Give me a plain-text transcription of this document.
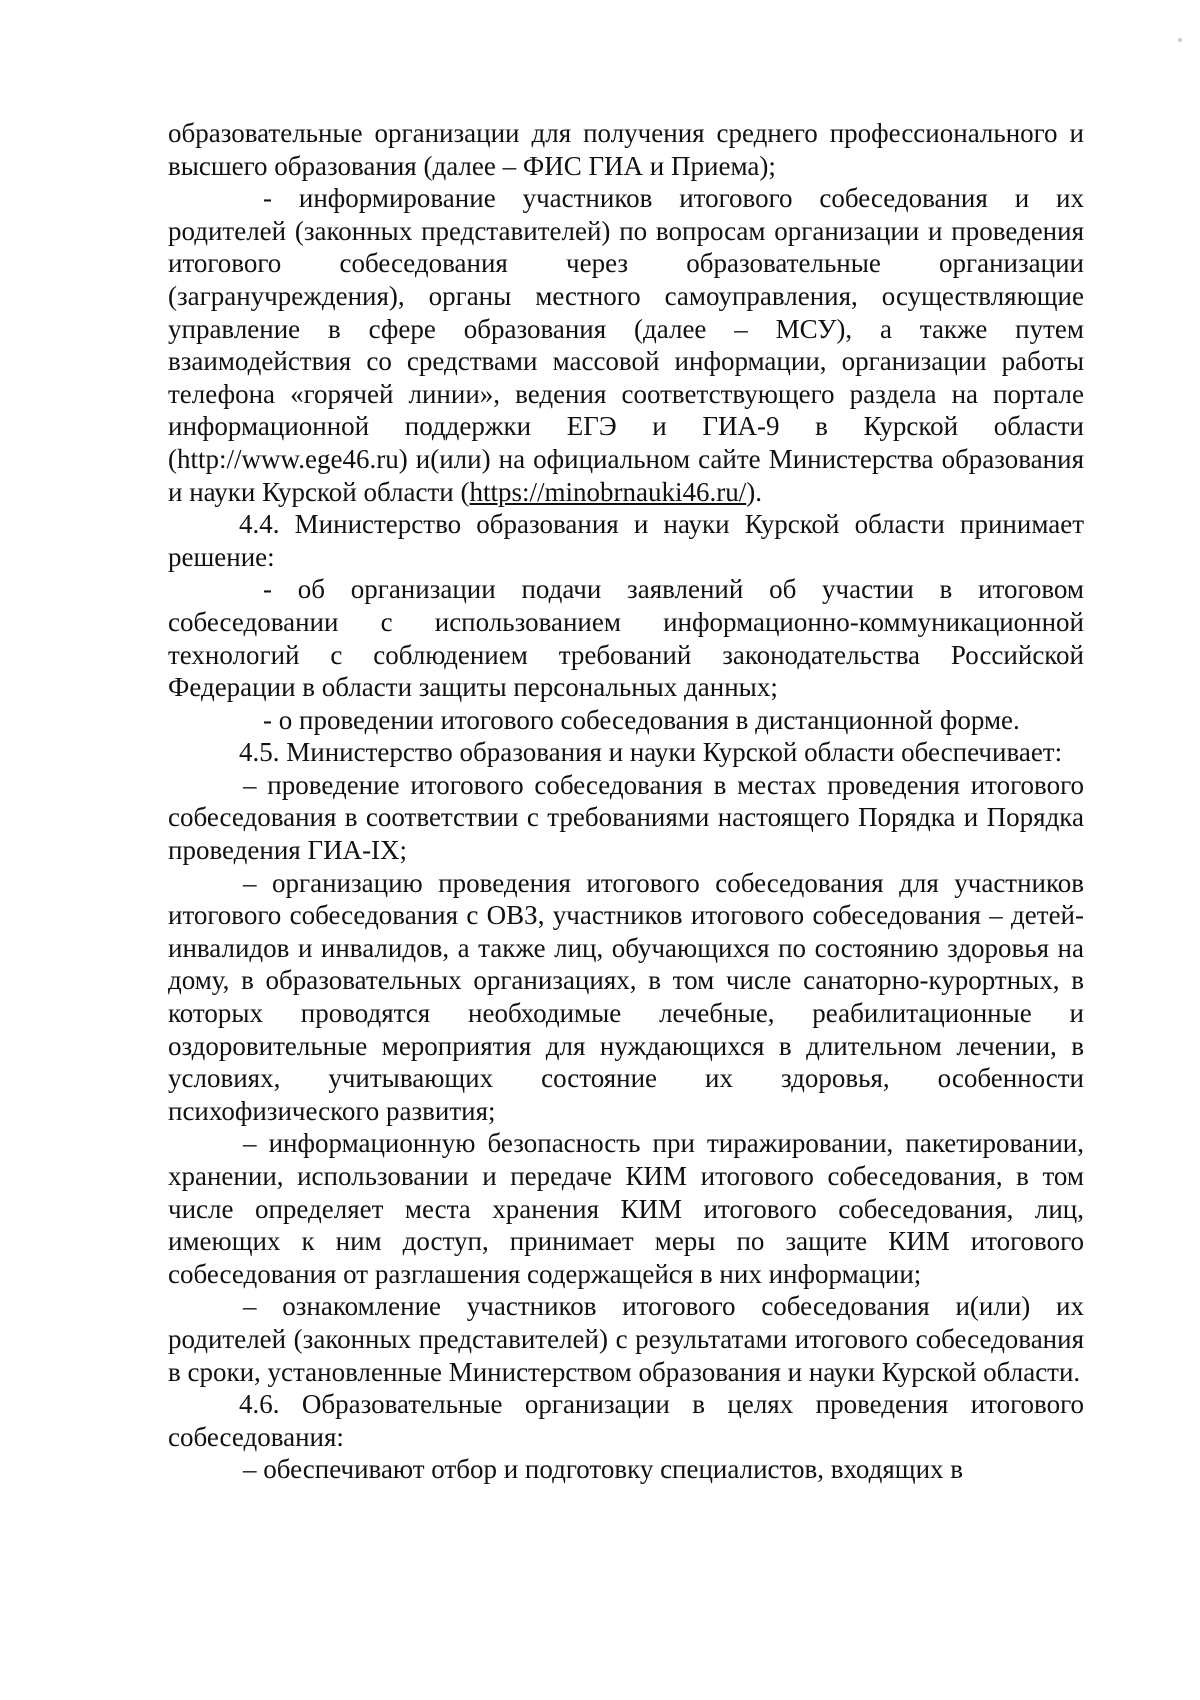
образовательные организации для получения среднего профессионального и высшего образования (далее – ФИС ГИА и Приема);

- информирование участников итогового собеседования и их родителей (законных представителей) по вопросам организации и проведения итогового собеседования через образовательные организации (загранучреждения), органы местного самоуправления, осуществляющие управление в сфере образования (далее – МСУ), а также путем взаимодействия со средствами массовой информации, организации работы телефона «горячей линии», ведения соответствующего раздела на портале информационной поддержки ЕГЭ и ГИА-9 в Курской области (http://www.ege46.ru) и(или) на официальном сайте Министерства образования и науки Курской области (https://minobrnauki46.ru/).

4.4. Министерство образования и науки Курской области принимает решение:

- об организации подачи заявлений об участии в итоговом собеседовании с использованием информационно-коммуникационной технологий с соблюдением требований законодательства Российской Федерации в области защиты персональных данных;

- о проведении итогового собеседования в дистанционной форме.

4.5. Министерство образования и науки Курской области обеспечивает:

– проведение итогового собеседования в местах проведения итогового собеседования в соответствии с требованиями настоящего Порядка и Порядка проведения ГИА-IX;

– организацию проведения итогового собеседования для участников итогового собеседования с ОВЗ, участников итогового собеседования – детей-инвалидов и инвалидов, а также лиц, обучающихся по состоянию здоровья на дому, в образовательных организациях, в том числе санаторно-курортных, в которых проводятся необходимые лечебные, реабилитационные и оздоровительные мероприятия для нуждающихся в длительном лечении, в условиях, учитывающих состояние их здоровья, особенности психофизического развития;

– информационную безопасность при тиражировании, пакетировании, хранении, использовании и передаче КИМ итогового собеседования, в том числе определяет места хранения КИМ итогового собеседования, лиц, имеющих к ним доступ, принимает меры по защите КИМ итогового собеседования от разглашения содержащейся в них информации;

– ознакомление участников итогового собеседования и(или) их родителей (законных представителей) с результатами итогового собеседования в сроки, установленные Министерством образования и науки Курской области.

4.6. Образовательные организации в целях проведения итогового собеседования:

– обеспечивают отбор и подготовку специалистов, входящих в
